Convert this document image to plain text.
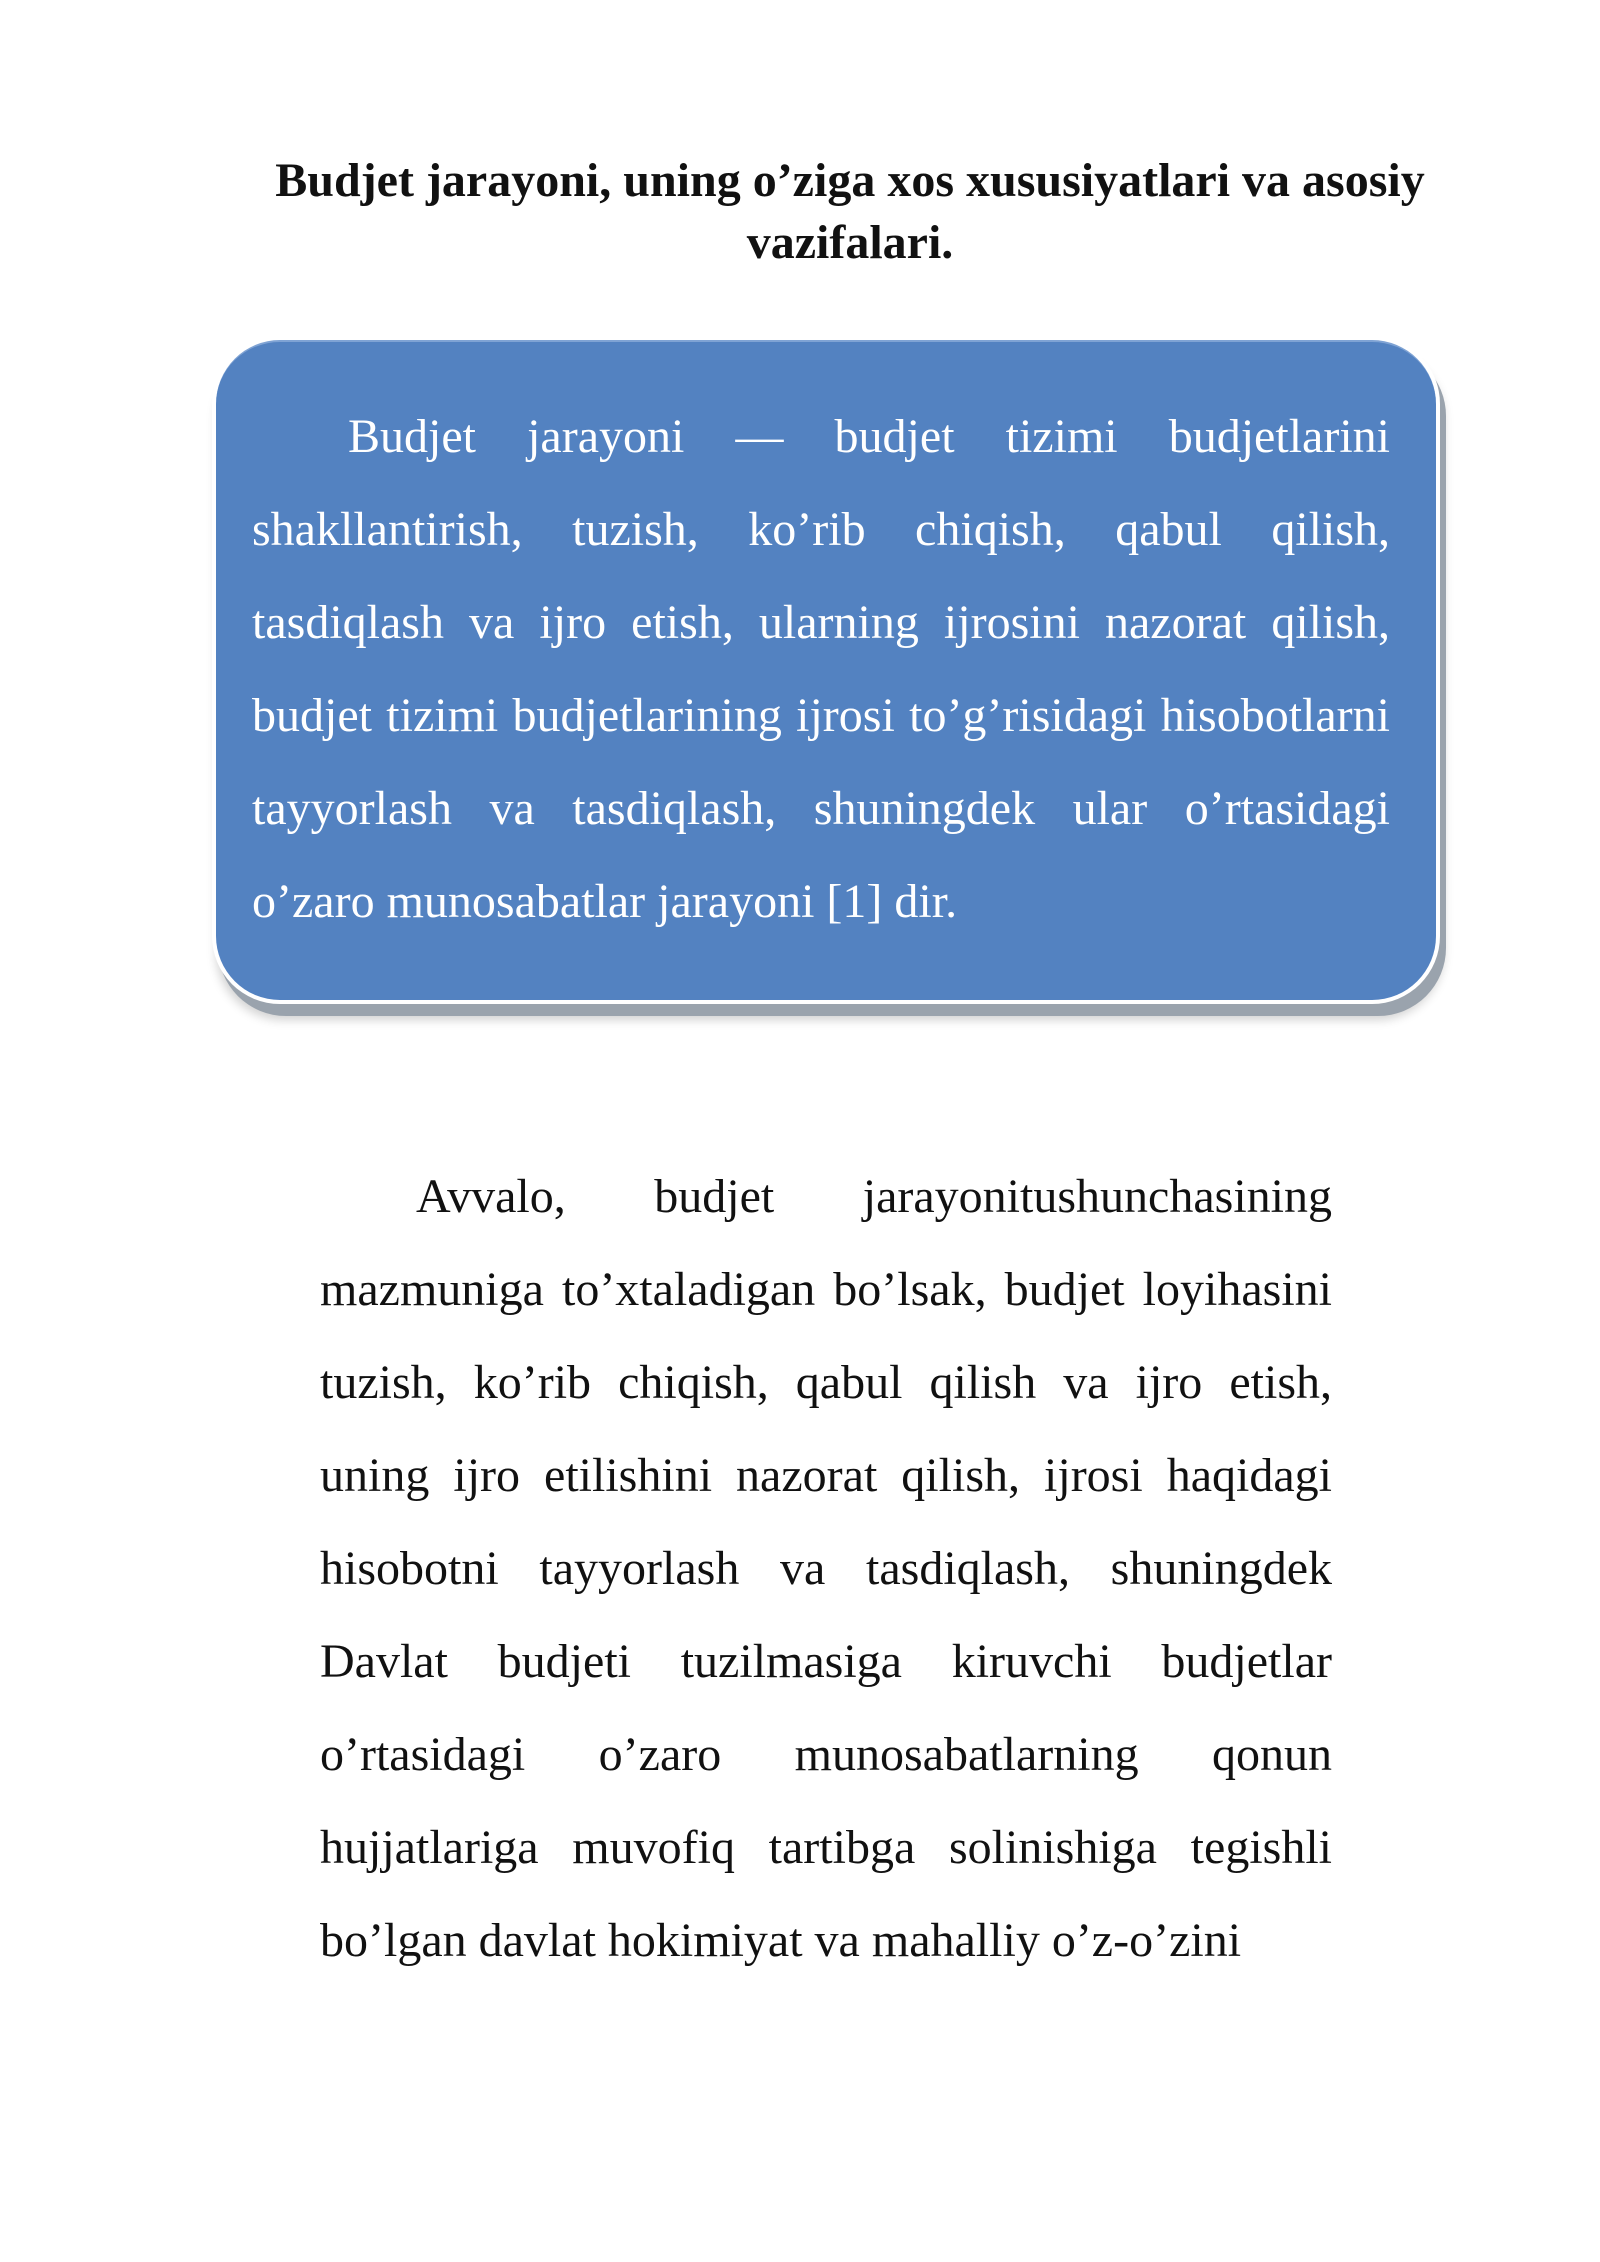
Budjet jarayoni, uning o’ziga xos xususiyatlari va asosiy vazifalari.

Budjet jarayoni — budjet tizimi budjetlarini shakllantirish, tuzish, ko’rib chiqish, qabul qilish, tasdiqlash va ijro etish, ularning ijrosini nazorat qilish, budjet tizimi budjetlarining ijrosi to’g’risidagi hisobotlarni tayyorlash va tasdiqlash, shuningdek ular o’rtasidagi o’zaro munosabatlar jarayoni [1] dir.

Avvalo, budjet jarayonitushunchasining mazmuniga to’xtaladigan bo’lsak, budjet loyihasini tuzish, ko’rib chiqish, qabul qilish va ijro etish, uning ijro etilishini nazorat qilish, ijrosi haqidagi hisobotni tayyorlash va tasdiqlash, shuningdek Davlat budjeti tuzilmasiga kiruvchi budjetlar o’rtasidagi o’zaro munosabatlarning qonun hujjatlariga muvofiq tartibga solinishiga tegishli bo’lgan davlat hokimiyat va mahalliy o’z-o’zini
